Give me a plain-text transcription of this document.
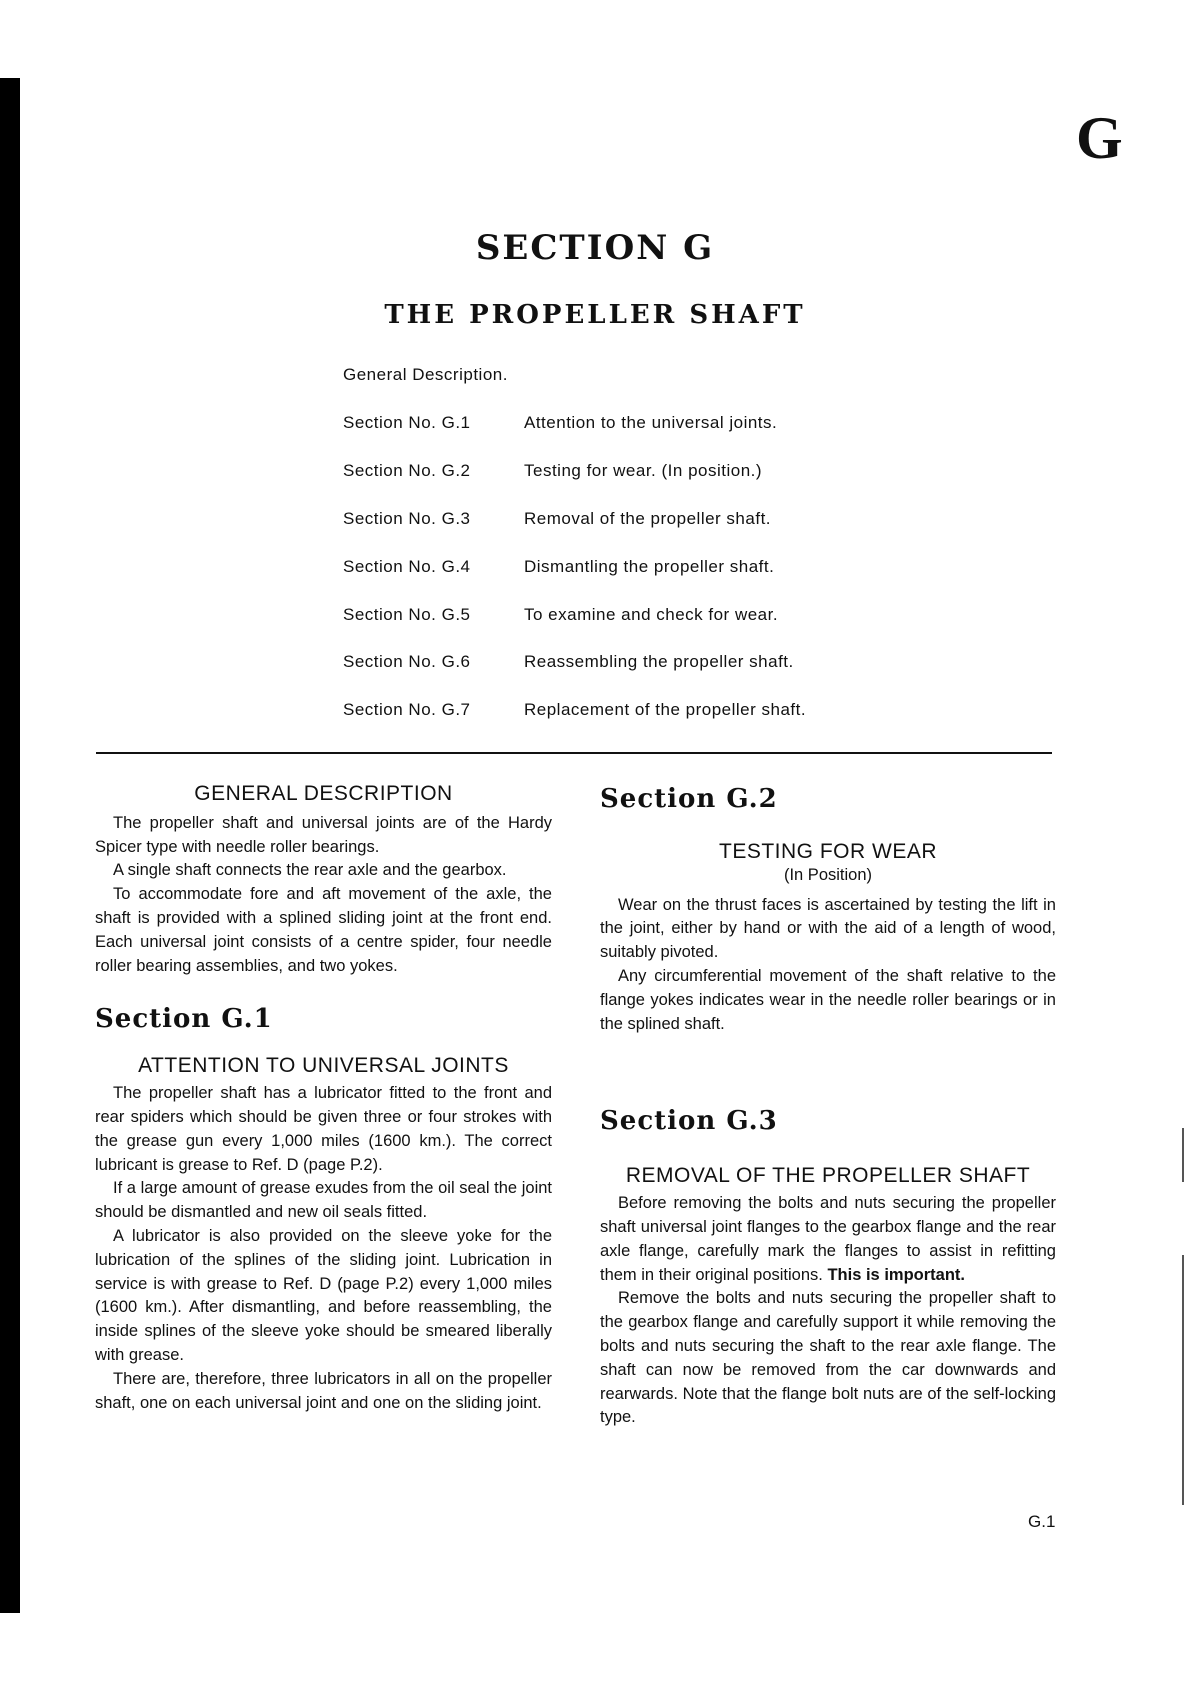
G
SECTION G
THE PROPELLER SHAFT
General Description.
Section No. G.1	Attention to the universal joints.
Section No. G.2	Testing for wear. (In position.)
Section No. G.3	Removal of the propeller shaft.
Section No. G.4	Dismantling the propeller shaft.
Section No. G.5	To examine and check for wear.
Section No. G.6	Reassembling the propeller shaft.
Section No. G.7	Replacement of the propeller shaft.
GENERAL DESCRIPTION

The propeller shaft and universal joints are of the Hardy Spicer type with needle roller bearings.

A single shaft connects the rear axle and the gearbox.

To accommodate fore and aft movement of the axle, the shaft is provided with a splined sliding joint at the front end. Each universal joint consists of a centre spider, four needle roller bearing assemblies, and two yokes.

Section G.1
ATTENTION TO UNIVERSAL JOINTS

The propeller shaft has a lubricator fitted to the front and rear spiders which should be given three or four strokes with the grease gun every 1,000 miles (1600 km.). The correct lubricant is grease to Ref. D (page P.2).

If a large amount of grease exudes from the oil seal the joint should be dismantled and new oil seals fitted.

A lubricator is also provided on the sleeve yoke for the lubrication of the splines of the sliding joint. Lubrication in service is with grease to Ref. D (page P.2) every 1,000 miles (1600 km.). After dismantling, and before reassembling, the inside splines of the sleeve yoke should be smeared liberally with grease.

There are, therefore, three lubricators in all on the propeller shaft, one on each universal joint and one on the sliding joint.

Section G.2
TESTING FOR WEAR
(In Position)

Wear on the thrust faces is ascertained by testing the lift in the joint, either by hand or with the aid of a length of wood, suitably pivoted.

Any circumferential movement of the shaft relative to the flange yokes indicates wear in the needle roller bearings or in the splined shaft.

Section G.3
REMOVAL OF THE PROPELLER SHAFT

Before removing the bolts and nuts securing the propeller shaft universal joint flanges to the gearbox flange and the rear axle flange, carefully mark the flanges to assist in refitting them in their original positions. This is important.

Remove the bolts and nuts securing the propeller shaft to the gearbox flange and carefully support it while removing the bolts and nuts securing the shaft to the rear axle flange. The shaft can now be removed from the car downwards and rearwards. Note that the flange bolt nuts are of the self-locking type.

G.1
